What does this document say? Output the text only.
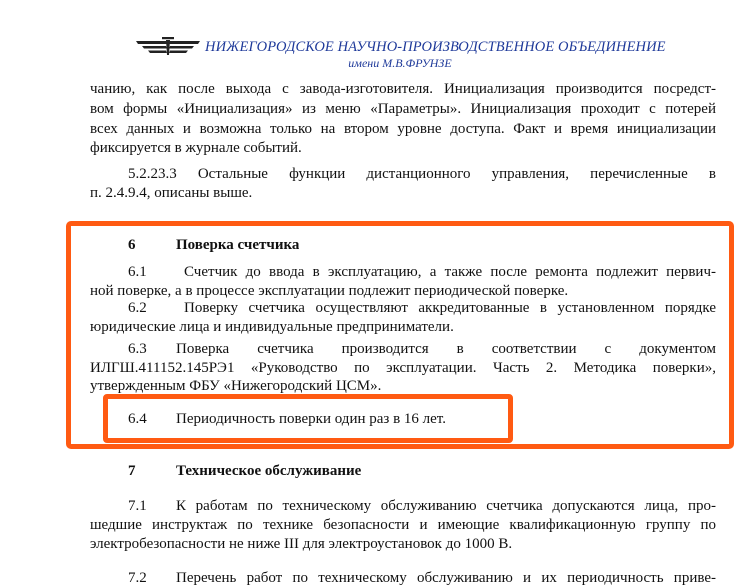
НИЖЕГОРОДСКОЕ НАУЧНО-ПРОИЗВОДСТВЕННОЕ ОБЪЕДИНЕНИЕ
имени М.В.ФРУНЗЕ
чанию, как после выхода с завода-изготовителя. Инициализация производится посредст-
вом формы «Инициализация» из меню «Параметры». Инициализация проходит с потерей
всех данных и возможна только на втором уровне доступа. Факт и время инициализации
фиксируется в журнале событий.
5.2.23.3 Остальные функции дистанционного управления, перечисленные в
п. 2.4.9.4, описаны выше.
6	Поверка счетчика
6.1 Счетчик до ввода в эксплуатацию, а также после ремонта подлежит первич-
ной поверке, а в процессе эксплуатации подлежит периодической поверке.
6.2 Поверку счетчика осуществляют аккредитованные в установленном порядке
юридические лица и индивидуальные предприниматели.
6.3 Поверка счетчика производится в соответствии с документом
ИЛГШ.411152.145РЭ1 «Руководство по эксплуатации. Часть 2. Методика поверки»,
утвержденным ФБУ «Нижегородский ЦСМ».
6.4 Периодичность поверки один раз в 16 лет.
7	Техническое обслуживание
7.1 К работам по техническому обслуживанию счетчика допускаются лица, про-
шедшие инструктаж по технике безопасности и имеющие квалификационную группу по
электробезопасности не ниже III для электроустановок до 1000 В.
7.2 Перечень работ по техническому обслуживанию и их периодичность приве-
